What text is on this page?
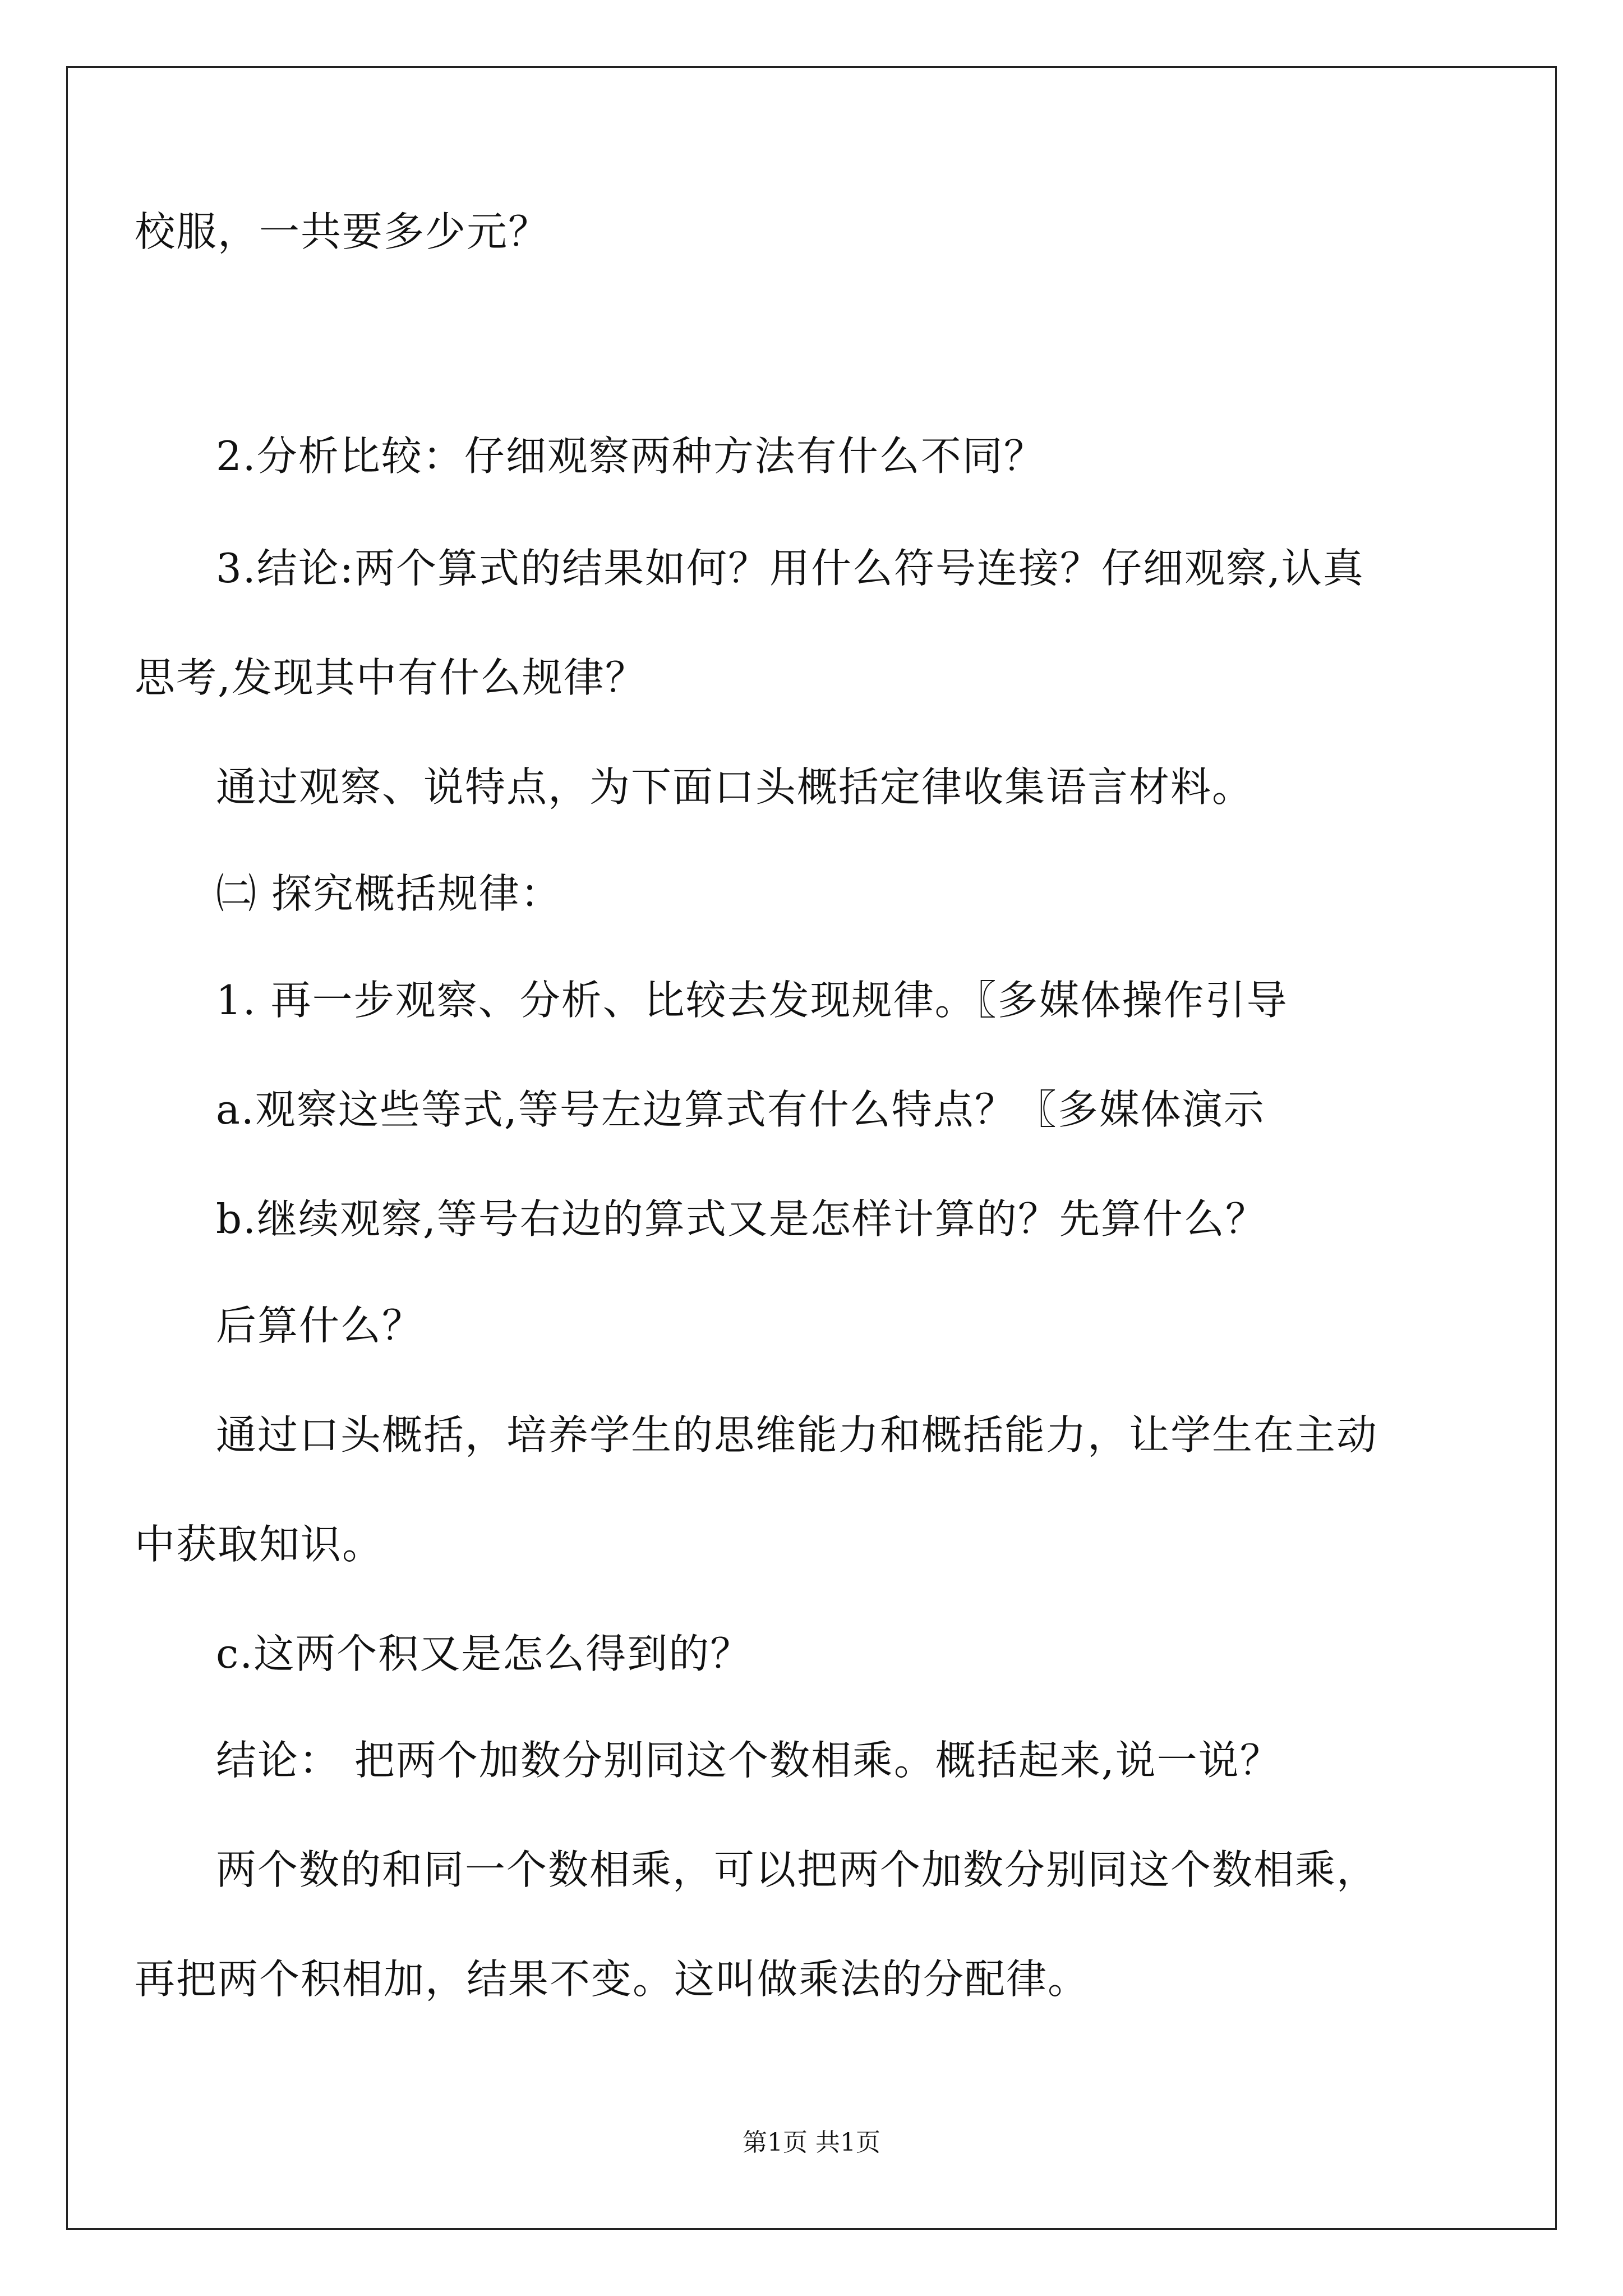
校服，一共要多少元？
2.分析比较：仔细观察两种方法有什么不同？
3.结论:两个算式的结果如何？用什么符号连接？仔细观察,认真
思考,发现其中有什么规律？
通过观察、说特点，为下面口头概括定律收集语言材料。
㈡ 探究概括规律：
1. 再一步观察、分析、比较去发现规律。〖多媒体操作引导
a.观察这些等式,等号左边算式有什么特点？〖多媒体演示
b.继续观察,等号右边的算式又是怎样计算的？先算什么？
后算什么？
通过口头概括，培养学生的思维能力和概括能力，让学生在主动
中获取知识。
c.这两个积又是怎么得到的？
结论： 把两个加数分别同这个数相乘。概括起来,说一说？
两个数的和同一个数相乘，可以把两个加数分别同这个数相乘，
再把两个积相加，结果不变。这叫做乘法的分配律。
第1页 共1页
